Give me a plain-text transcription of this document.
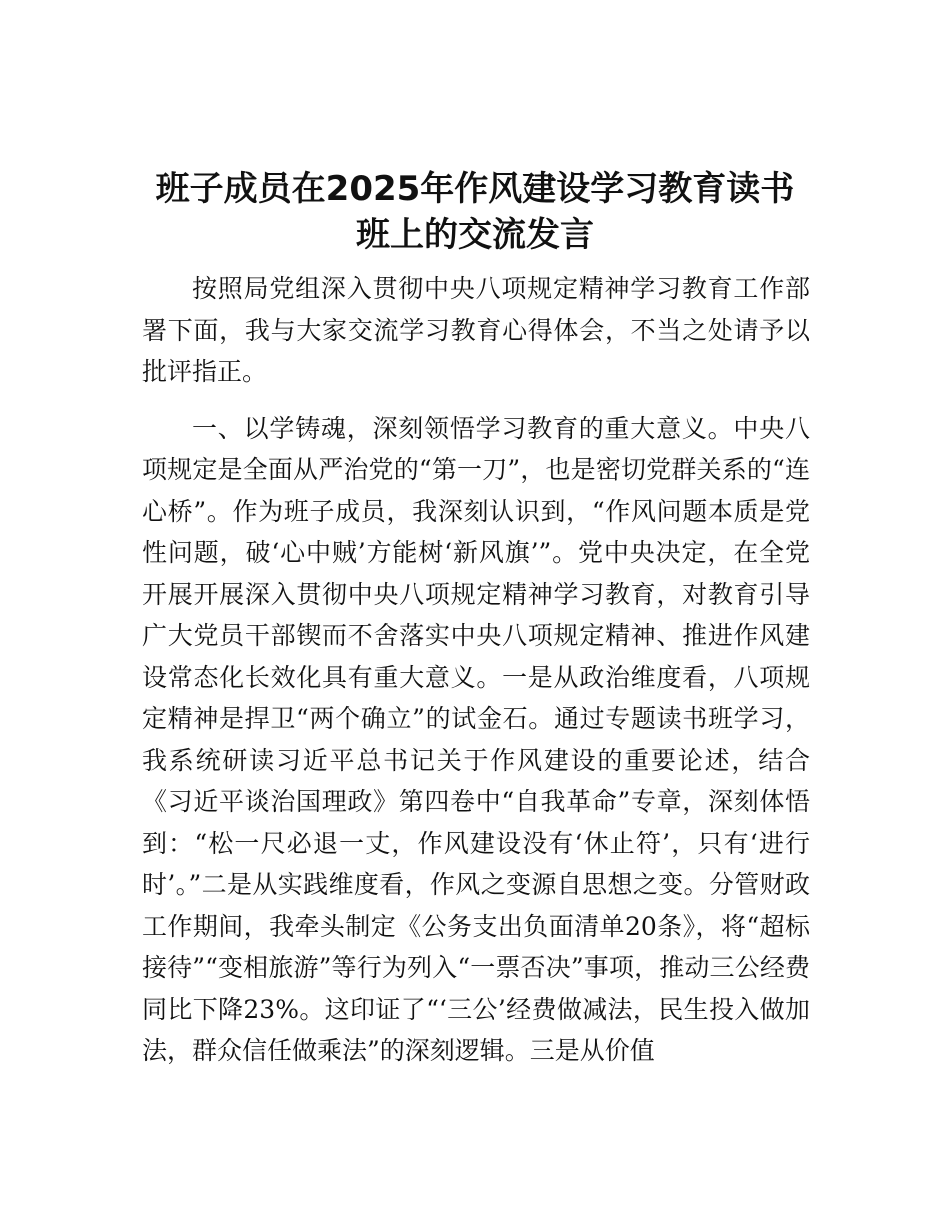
班子成员在2025年作风建设学习教育读书班上的交流发言

按照局党组深入贯彻中央八项规定精神学习教育工作部署下面，我与大家交流学习教育心得体会，不当之处请予以批评指正。

一、以学铸魂，深刻领悟学习教育的重大意义。中央八项规定是全面从严治党的“第一刀”，也是密切党群关系的“连心桥”。作为班子成员，我深刻认识到，“作风问题本质是党性问题，破‘心中贼’方能树‘新风旗’”。党中央决定，在全党开展开展深入贯彻中央八项规定精神学习教育，对教育引导广大党员干部锲而不舍落实中央八项规定精神、推进作风建设常态化长效化具有重大意义。一是从政治维度看，八项规定精神是捍卫“两个确立”的试金石。通过专题读书班学习，我系统研读习近平总书记关于作风建设的重要论述，结合《习近平谈治国理政》第四卷中“自我革命”专章，深刻体悟到：“松一尺必退一丈，作风建设没有‘休止符’，只有‘进行时’。”二是从实践维度看，作风之变源自思想之变。分管财政工作期间，我牵头制定《公务支出负面清单20条》，将“超标接待”“变相旅游”等行为列入“一票否决”事项，推动三公经费同比下降23%。这印证了“‘三公’经费做减法，民生投入做加法，群众信任做乘法”的深刻逻辑。三是从价值
